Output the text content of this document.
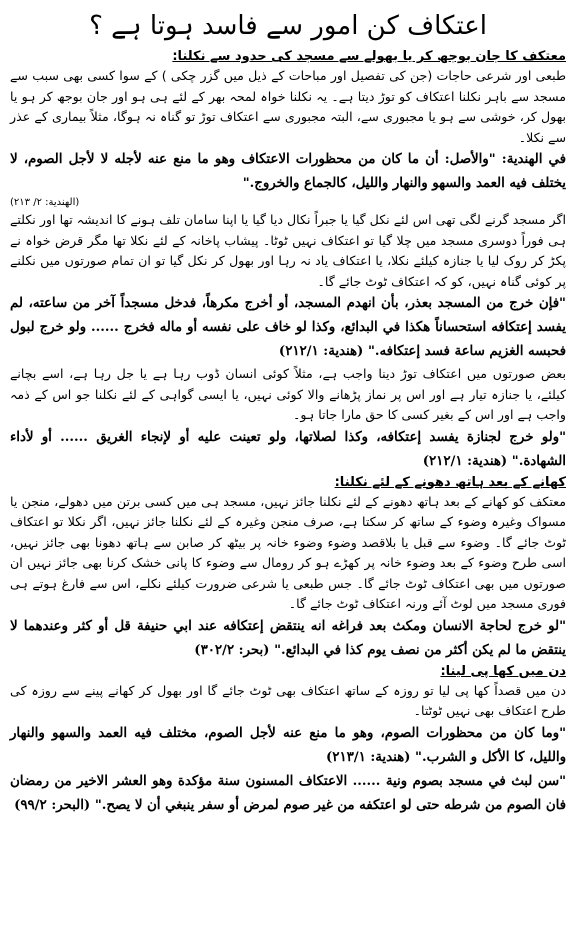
اعتکاف کن امور سے فاسد ہوتا ہے ؟
معتکف کا جان بوجھ کر یا بھولے سے مسجد کی حدود سے نکلنا:

طبعی اور شرعی حاجات (جن کی تفصیل اور مباحات کے ذیل میں گزر چکی ) کے سوا کسی بھی سبب سے مسجد سے باہر نکلنا اعتکاف کو توڑ دیتا ہے۔ یہ نکلنا خواہ لمحہ بھر کے لئے ہی ہو اور جان بوجھ کر ہو یا بھول کر، خوشی سے ہو یا مجبوری سے، البتہ مجبوری سے اعتکاف توڑ تو گناہ نہ ہوگا، مثلاً بیماری کے عذر سے نکلا۔

في الهندية: "والأصل: أن ما كان من محظورات الاعتكاف وهو ما منع عنه لأجله لا لأجل الصوم، لا يختلف فيه العمد والسهو والنهار والليل، كالجماع والخروج."

(الهندية: ۲/ ۲۱۳)

اگر مسجد گرنے لگی تھی اس لئے نکل گیا یا جبراً نکال دیا گیا یا اپنا سامان تلف ہونے کا اندیشہ تھا اور نکلتے ہی فوراً دوسری مسجد میں چلا گیا تو اعتکاف نہیں ٹوٹا۔ پیشاب پاخانہ کے لئے نکلا تھا مگر قرض خواہ نے پکڑ کر روک لیا یا جنازہ کیلئے نکلا، یا اعتکاف یاد نہ رہا اور بھول کر نکل گیا تو ان تمام صورتوں میں نکلنے پر کوئی گناہ نہیں، کو کہ اعتکاف ٹوٹ جائے گا۔

"فإن خرج من المسجد بعذر، بأن انهدم المسجد، أو أخرج مكرهاً، فدخل مسجداً آخر من ساعته، لم يفسد إعتكافه استحساناً هكذا في البدائع، وكذا لو خاف على نفسه أو ماله فخرج ...... ولو خرج لبول فحبسه الغزيم ساعة فسد إعتكافه." (هندية: ۲۱۲/۱)

بعض صورتوں میں اعتکاف توڑ دینا واجب ہے، مثلاً کوئی انسان ڈوب رہا ہے یا جل رہا ہے، اسے بچانے کیلئے، یا جنازہ تیار ہے اور اس پر نماز پڑھانے والا کوئی نہیں، یا ایسی گواہی کے لئے نکلنا جو اس کے ذمہ واجب ہے اور اس کے بغیر کسی کا حق مارا جاتا ہو۔

"ولو خرج لجنازة يفسد إعتكافه، وكذا لصلاتها، ولو تعينت عليه أو لإنجاء الغريق ...... أو لأداء الشهادة." (هندية: ۲۱۲/۱)

کھانے کے بعد ہاتھ دھونے کے لئے نکلنا:

معتکف کو کھانے کے بعد ہاتھ دھونے کے لئے نکلنا جائز نہیں، مسجد ہی میں کسی برتن میں دھولے، منجن یا مسواک وغیرہ وضوء کے ساتھ کر سکتا ہے، صرف منجن وغیرہ کے لئے نکلنا جائز نہیں، اگر نکلا تو اعتکاف ٹوٹ جائے گا۔ وضوء سے قبل یا بلاقصد وضوء وضوء خانہ پر بیٹھ کر صابن سے ہاتھ دھونا بھی جائز نہیں، اسی طرح وضوء کے بعد وضوء خانہ پر کھڑے ہو کر رومال سے وضوء کا پانی خشک کرنا بھی جائز نہیں ان صورتوں میں بھی اعتکاف ٹوٹ جائے گا۔ جس طبعی یا شرعی ضرورت کیلئے نکلے، اس سے فارغ ہوتے ہی فوری مسجد میں لوٹ آئے ورنہ اعتکاف ٹوٹ جائے گا۔

"لو خرج لحاجة الانسان ومكث بعد فراغه انه ينتقض إعتكافه عند ابي حنيفة قل أو كثر وعندهما لا ينتقض ما لم يكن أكثر من نصف يوم كذا في البدائع." (بحر: ۳۰۲/۲)

دن میں کھا پی لینا:

دن میں قصداً کھا پی لیا تو روزہ کے ساتھ اعتکاف بھی ٹوٹ جائے گا اور بھول کر کھانے پینے سے روزہ کی طرح اعتکاف بھی نہیں ٹوٹتا۔

"وما كان من محظورات الصوم، وهو ما منع عنه لأجل الصوم، مختلف فيه العمد والسهو والنهار والليل، كا الأكل و الشرب." (هندية: ۲۱۳/۱)

"سن لبث في مسجد بصوم ونية ...... الاعتكاف المسنون سنة مؤكدة وهو العشر الاخير من رمضان فان الصوم من شرطه حتى لو اعتكفه من غير صوم لمرض أو سفر ينبغي أن لا يصح." (البحر: ۹۹/۲)
